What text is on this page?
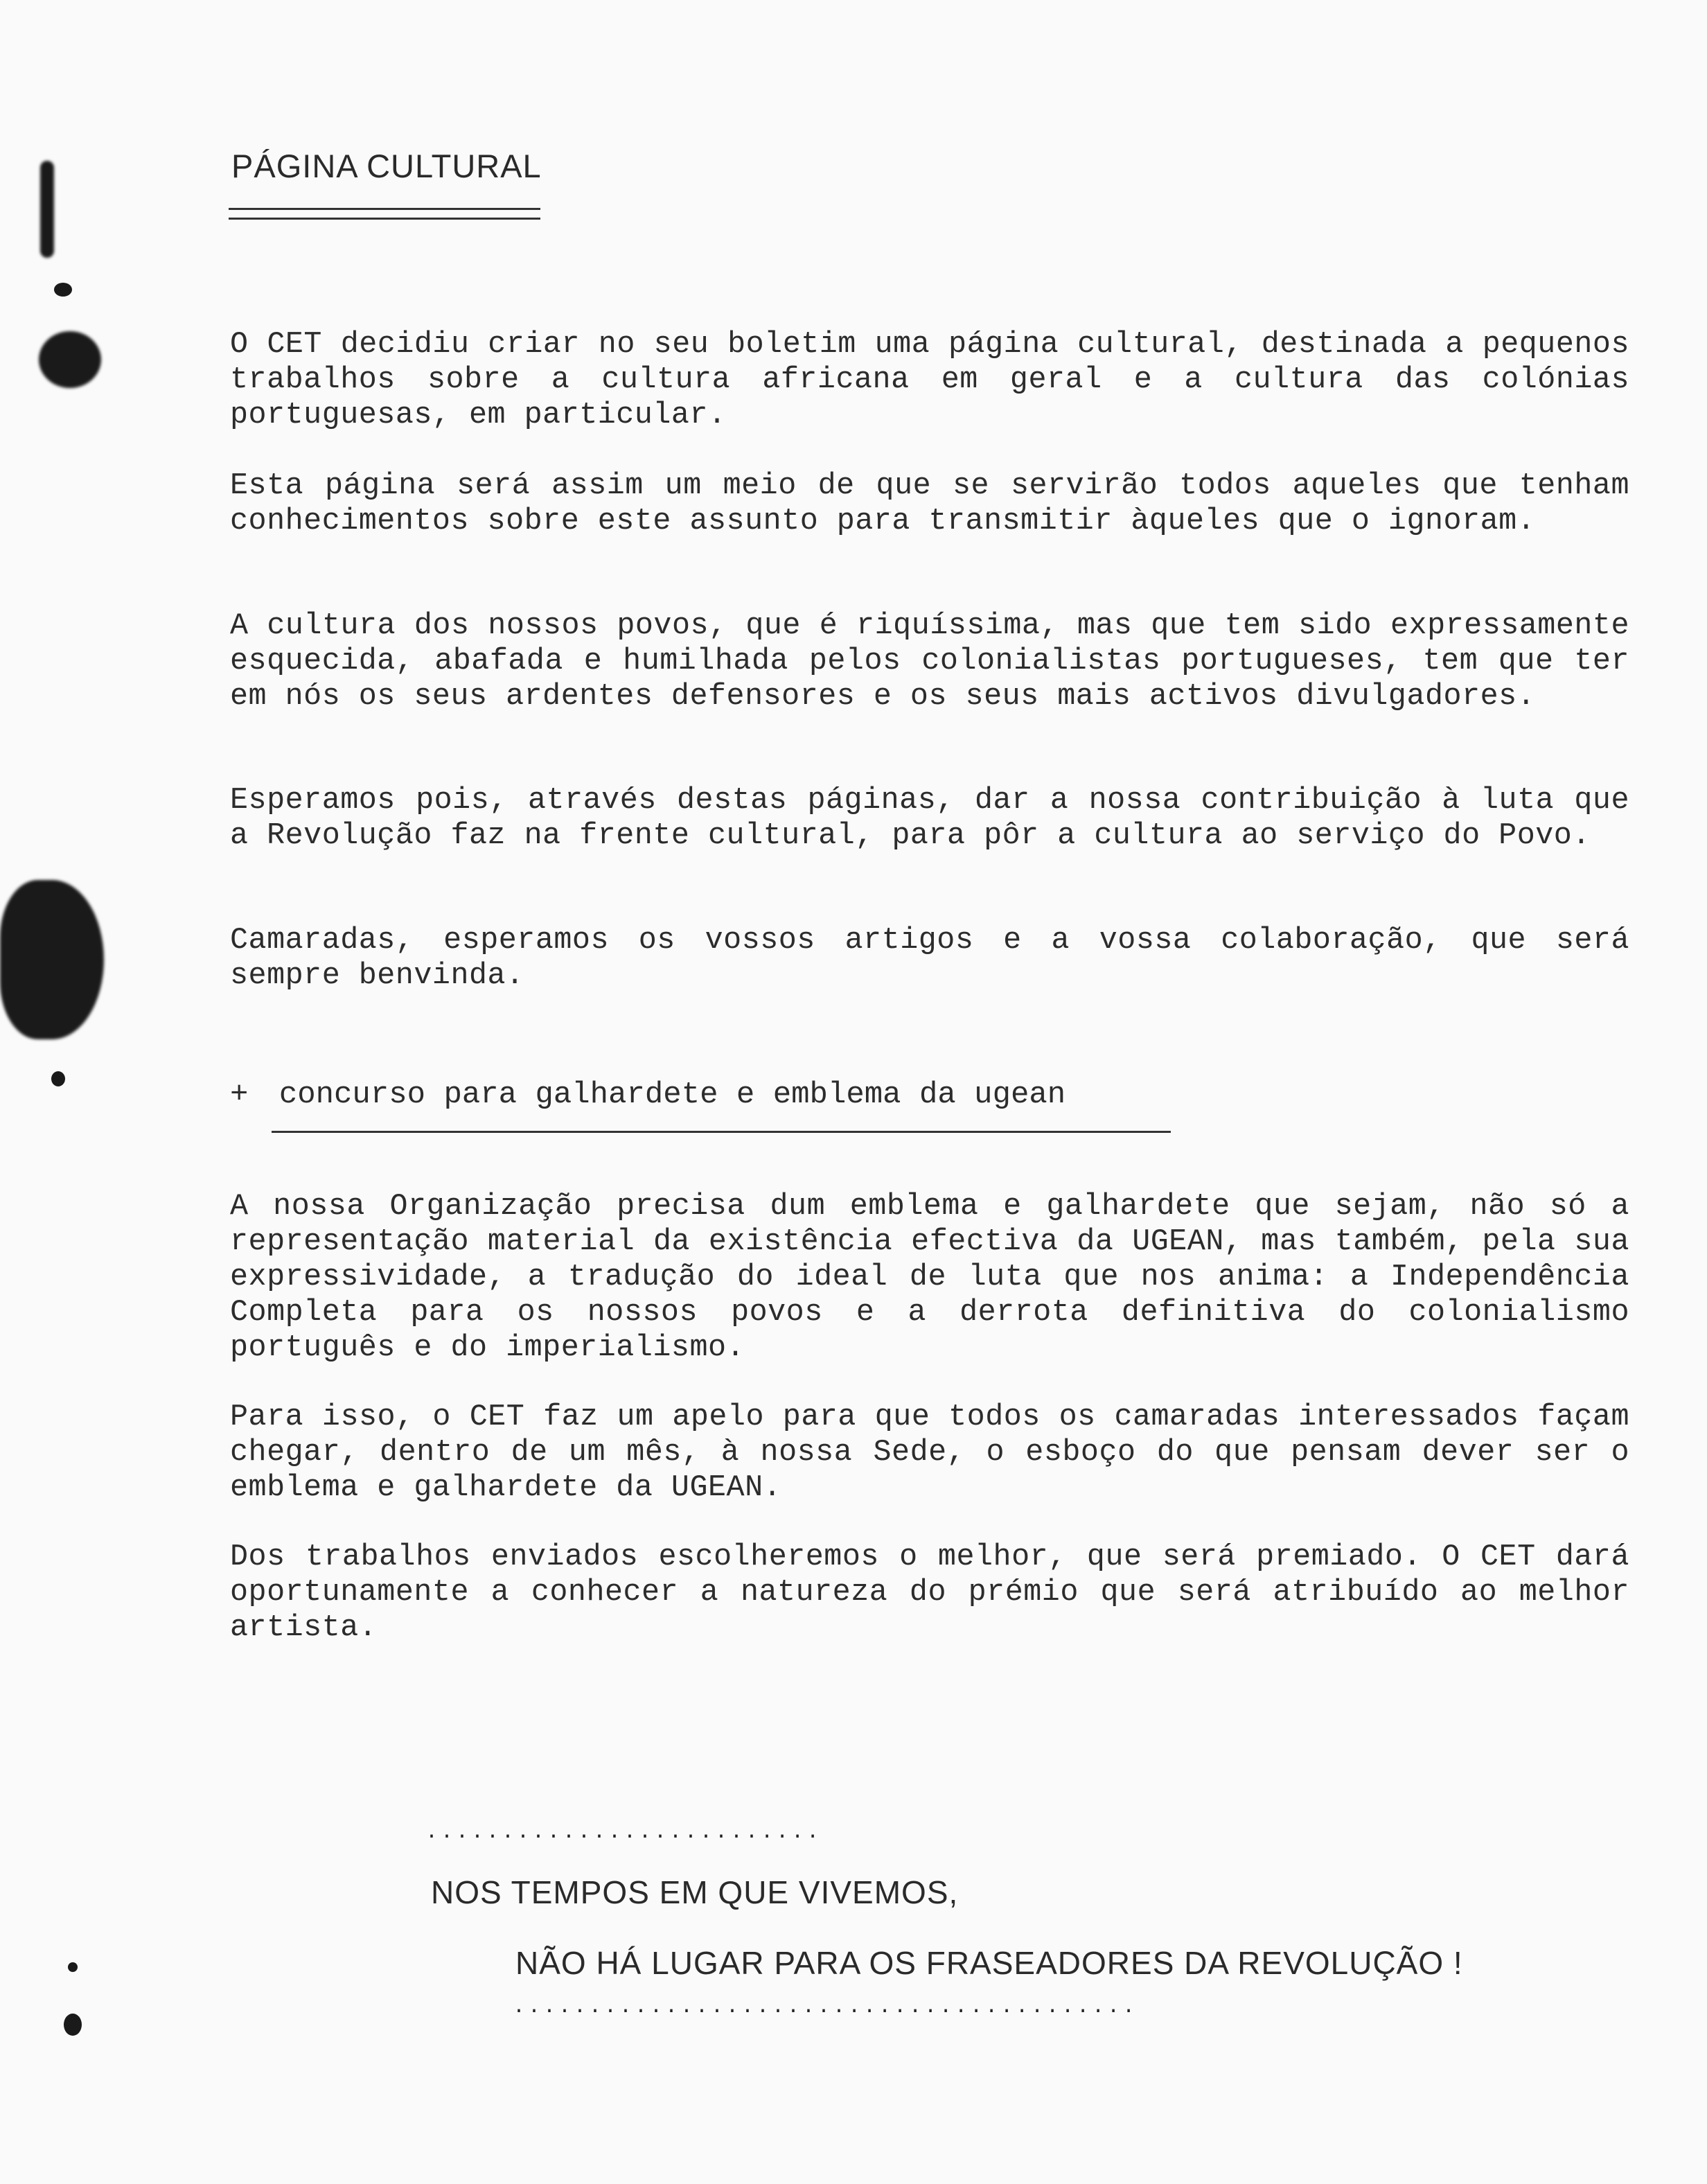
PÁGINA CULTURAL

O CET decidiu criar no seu boletim uma página cultural, destinada a pequenos trabalhos sobre a cultura africana em geral e a cultura das colónias portuguesas, em particular.

Esta página será assim um meio de que se servirão todos aqueles que tenham conhecimentos sobre este assunto para transmitir àqueles que o ignoram.

A cultura dos nossos povos, que é riquíssima, mas que tem sido expressamente esquecida, abafada e humilhada pelos colonialistas portugueses, tem que ter em nós os seus ardentes defensores e os seus mais activos divulgadores.

Esperamos pois, através destas páginas, dar a nossa contribuição à luta que a Revolução faz na frente cultural, para pôr a cultura ao serviço do Povo.

Camaradas, esperamos os vossos artigos e a vossa colaboração, que será sempre benvinda.

+ concurso para galhardete e emblema da ugean

A nossa Organização precisa dum emblema e galhardete que sejam, não só a representação material da existência efectiva da UGEAN, mas também, pela sua expressividade, a tradução do ideal de luta que nos anima: a Independência Completa para os nossos povos e a derrota definitiva do colonialismo português e do imperialismo.

Para isso, o CET faz um apelo para que todos os camaradas interessados façam chegar, dentro de um mês, à nossa Sede, o esboço do que pensam dever ser o emblema e galhardete da UGEAN.

Dos trabalhos enviados escolheremos o melhor, que será premiado. O CET dará oportunamente a conhecer a natureza do prémio que será atribuído ao melhor artista.

..........................
NOS TEMPOS EM QUE VIVEMOS,
NÃO HÁ LUGAR PARA OS FRASEADORES DA REVOLUÇÃO !
.........................................
